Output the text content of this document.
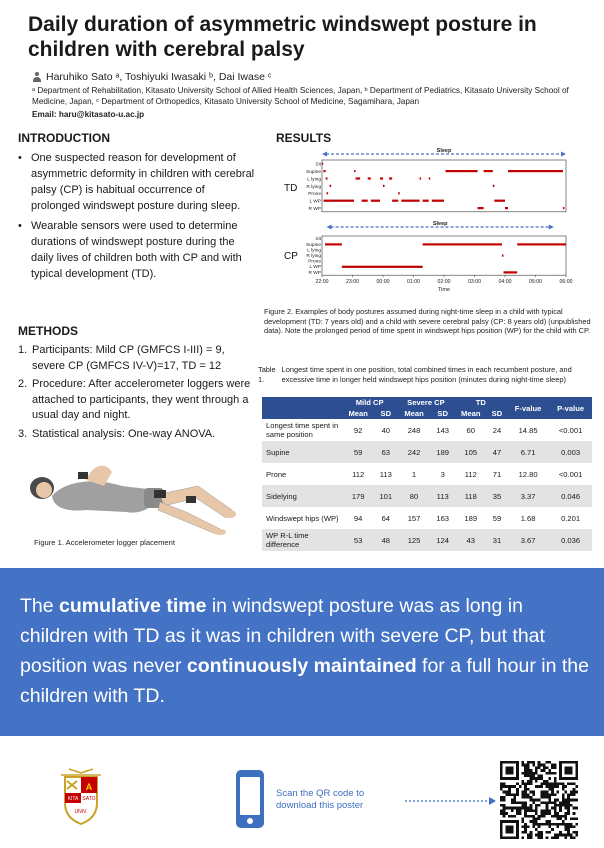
Daily duration of asymmetric windswept posture in children with cerebral palsy
Haruhiko Sato ᵃ, Toshiyuki Iwasaki ᵇ, Dai Iwase ᶜ
ᵃ Department of Rehabilitation, Kitasato University School of Allied Health Sciences, Japan, ᵇ Department of Pediatrics, Kitasato University School of Medicine, Japan, ᶜ Department of Orthopedics, Kitasato University School of Medicine, Sagamihara, Japan
Email: haru@kitasato-u.ac.jp
INTRODUCTION
• One suspected reason for development of asymmetric deformity in children with cerebral palsy (CP) is habitual occurrence of prolonged windswept posture during sleep.
• Wearable sensors were used to determine durations of windswept posture during the daily lives of children both with CP and with typical development (TD).
METHODS
1. Participants: Mild CP (GMFCS I-III) = 9, severe CP (GMFCS IV-V)=17, TD = 12
2. Procedure: After accelerometer loggers were attached to participants, they went through a usual day and night.
3. Statistical analysis: One-way ANOVA.
Figure 1. Accelerometer logger placement
RESULTS
Sleep
Sit
Supine
L lying
R lying
Prone
L WP
R WP
TD
Sleep
Sit
Supine
L lying
R lying
Prone
L WP
R WP
CP
22:00	23:00	00:00	01:00	02:00	03:00	04:00	05:00	06:00
Time
Figure 2. Examples of body postures assumed during night-time sleep in a child with typical development (TD: 7 years old) and a child with severe cerebral palsy (CP: 8 years old) (unpublished data). Note the prolonged period of time spent in windswept hips position (WP) for the child with CP.
Table 1.
Longest time spent in one position, total combined times in each recumbent posture, and excessive time in longer held windswept hips position (minutes during night-time sleep)
	Mild CP		Severe CP		TD		F-value	P-value
	Mean	SD	Mean	SD	Mean	SD		
Longest time spent in same position	92	40	248	143	60	24	14.85	<0.001
Supine	59	63	242	189	105	47	6.71	0.003
Prone	112	113	1	3	112	71	12.80	<0.001
Sidelying	179	101	80	113	118	35	3.37	0.046
Windswept hips (WP)	94	64	157	163	189	59	1.68	0.201
WP R-L time difference	53	48	125	124	43	31	3.67	0.036
The cumulative time in windswept posture was as long in children with TD as it was in children with severe CP, but that position was never continuously maintained for a full hour in the children with TD.
A
KITA SATO
UNIV.
Scan the QR code to download this poster
